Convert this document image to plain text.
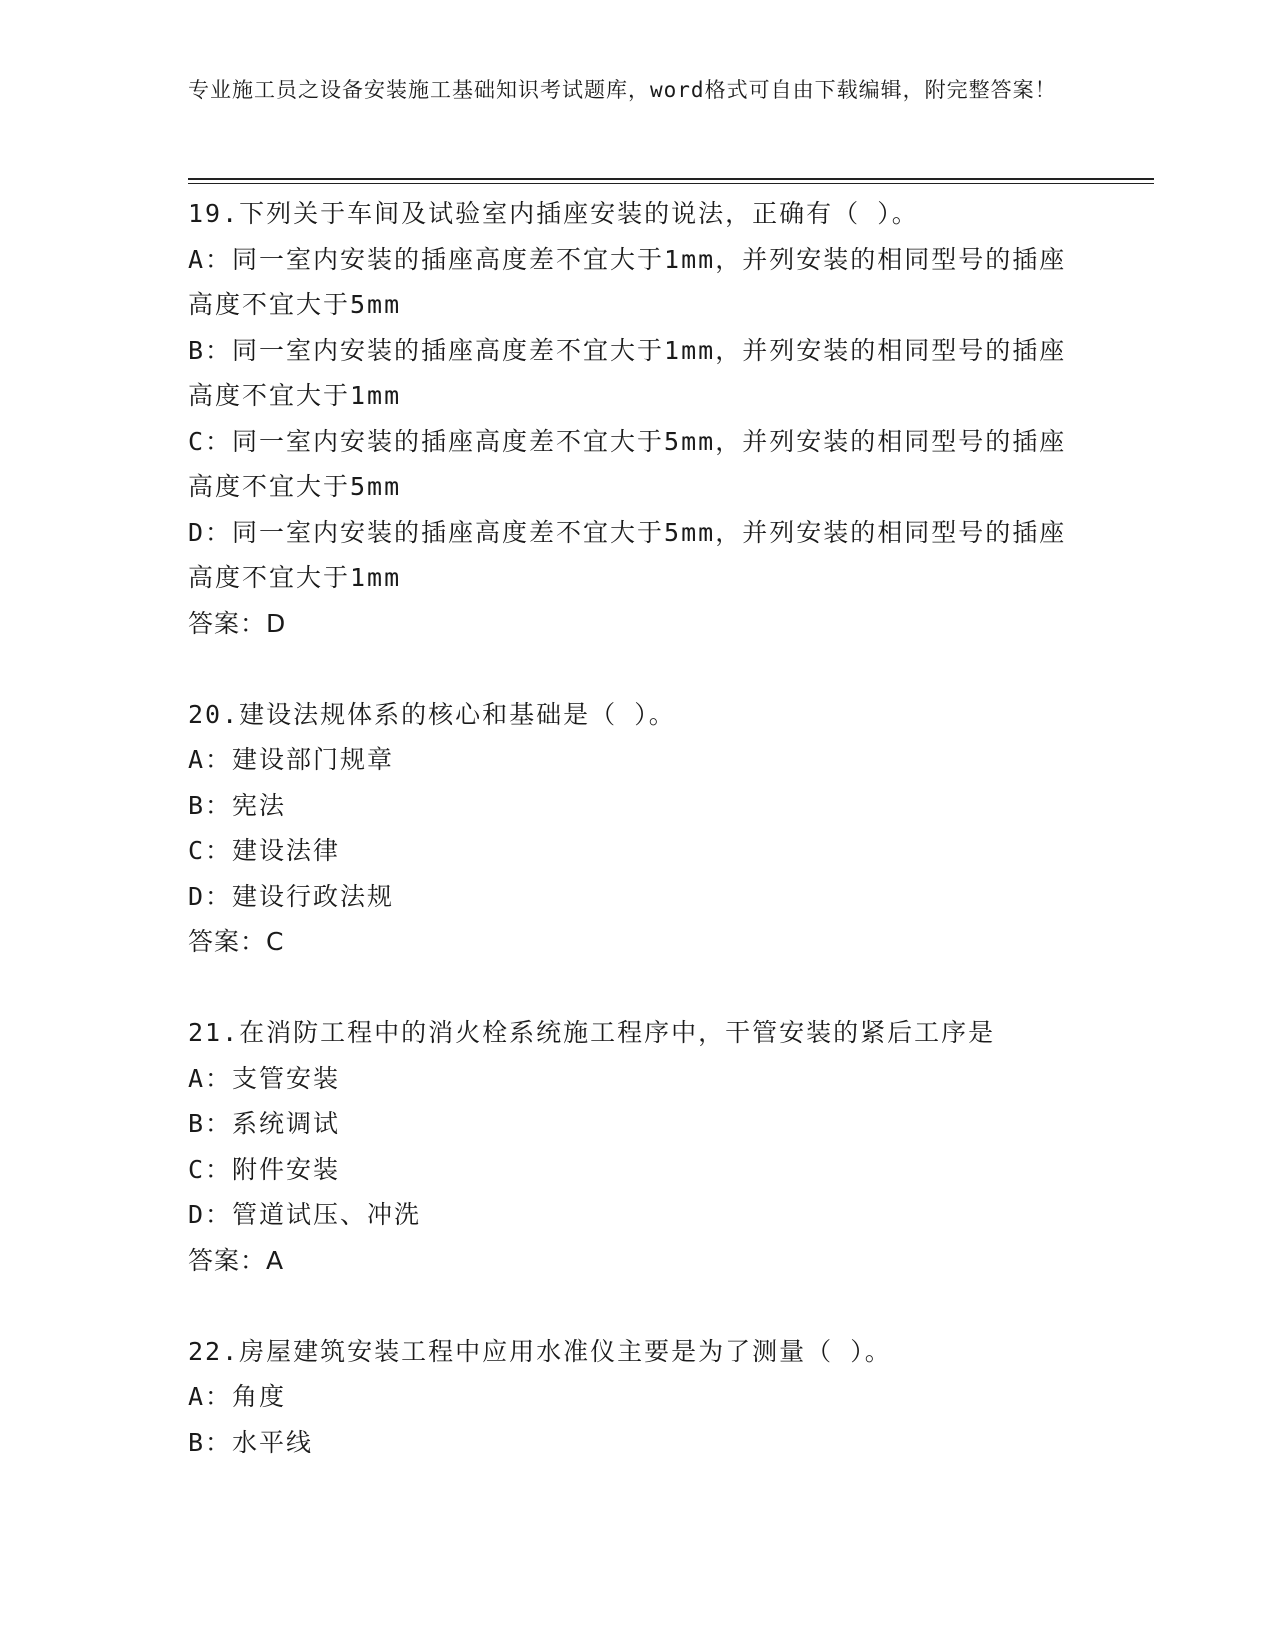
专业施工员之设备安装施工基础知识考试题库，word格式可自由下载编辑，附完整答案！
19.下列关于车间及试验室内插座安装的说法，正确有（ ）。
A：同一室内安装的插座高度差不宜大于1mm，并列安装的相同型号的插座高度不宜大于5mm
B：同一室内安装的插座高度差不宜大于1mm，并列安装的相同型号的插座高度不宜大于1mm
C：同一室内安装的插座高度差不宜大于5mm，并列安装的相同型号的插座高度不宜大于5mm
D：同一室内安装的插座高度差不宜大于5mm，并列安装的相同型号的插座高度不宜大于1mm
答案：D
20.建设法规体系的核心和基础是（ ）。
A：建设部门规章
B：宪法
C：建设法律
D：建设行政法规
答案：C
21.在消防工程中的消火栓系统施工程序中，干管安装的紧后工序是
A：支管安装
B：系统调试
C：附件安装
D：管道试压、冲洗
答案：A
22.房屋建筑安装工程中应用水准仪主要是为了测量（ ）。
A：角度
B：水平线
